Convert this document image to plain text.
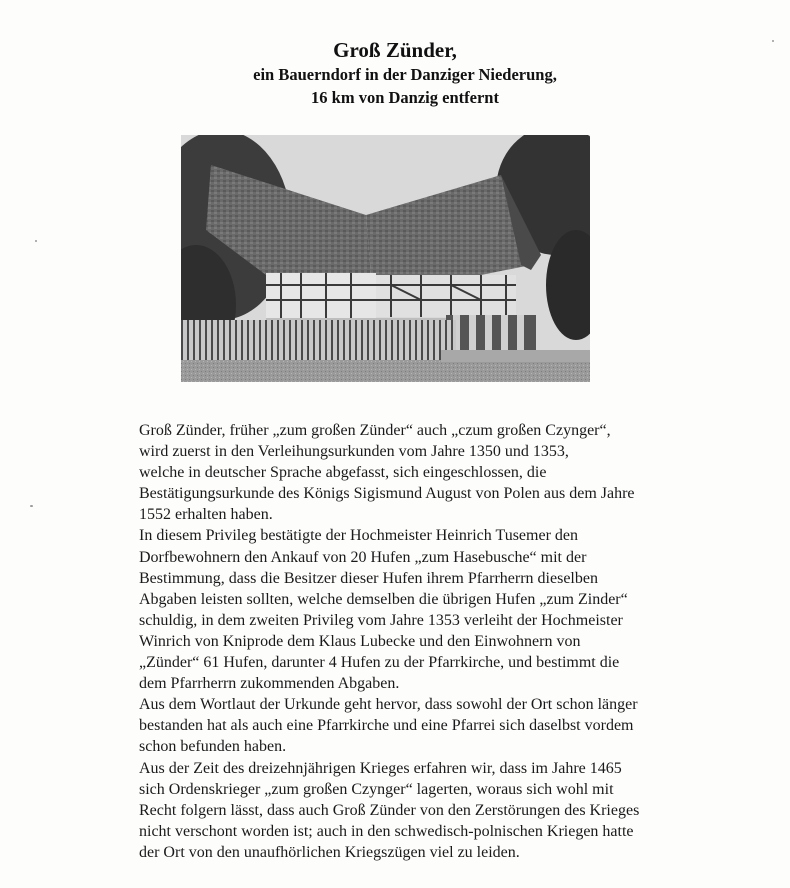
Groß Zünder,

ein Bauerndorf in der Danziger Niederung,

16 km von Danzig entfernt

Groß Zünder, früher „zum großen Zünder“ auch „czum großen Czynger“,

wird zuerst in den Verleihungsurkunden vom Jahre 1350 und 1353,

welche in deutscher Sprache abgefasst, sich eingeschlossen, die

Bestätigungsurkunde des Königs Sigismund August von Polen aus dem Jahre

1552 erhalten haben.

In diesem Privileg bestätigte der Hochmeister Heinrich Tusemer den

Dorfbewohnern den Ankauf von 20 Hufen „zum Hasebusche“ mit der

Bestimmung, dass die Besitzer dieser Hufen ihrem Pfarrherrn dieselben

Abgaben leisten sollten, welche demselben die übrigen Hufen „zum Zinder“

schuldig, in dem zweiten Privileg vom Jahre 1353 verleiht der Hochmeister

Winrich von Kniprode dem Klaus Lubecke und den Einwohnern von

„Zünder“ 61 Hufen, darunter 4 Hufen zu der Pfarrkirche, und bestimmt die

dem Pfarrherrn zukommenden Abgaben.

Aus dem Wortlaut der Urkunde geht hervor, dass sowohl der Ort schon länger

bestanden hat als auch eine Pfarrkirche und eine Pfarrei sich daselbst vordem

schon befunden haben.

Aus der Zeit des dreizehnjährigen Krieges erfahren wir, dass im Jahre 1465

sich Ordenskrieger „zum großen Czynger“ lagerten, woraus sich wohl mit

Recht folgern lässt, dass auch Groß Zünder von den Zerstörungen des Krieges

nicht verschont worden ist; auch in den schwedisch-polnischen Kriegen hatte

der Ort von den unaufhörlichen Kriegszügen viel zu leiden.
